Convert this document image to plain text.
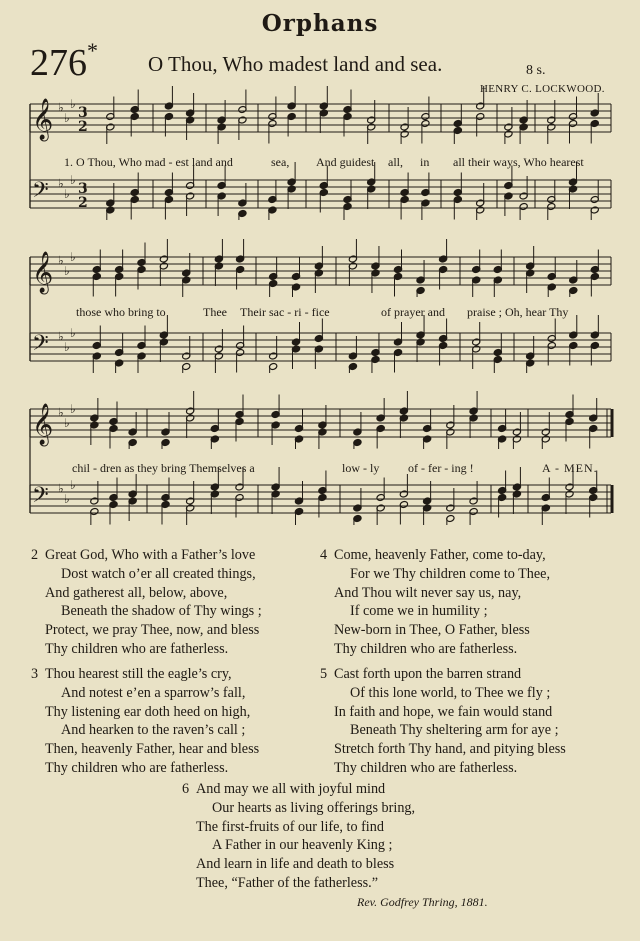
Orphans
276*
O Thou, Who madest land and sea.	8 s.
HENRY C. LOCKWOOD.
𝄞 ♭
♭
♭
3
2
𝄢 ♭
♭
♭
3
2
𝄞 ♭
♭
♭
𝄢 ♭
♭
♭
𝄞 ♭
♭
♭
𝄢 ♭
♭
♭
1. O Thou, Who mad - est land and	sea, And guidest all, in all their ways, Who hearest
those who bring to	Thee Their sac - ri - fice	of prayer and praise ; Oh, hear Thy
chil - dren as they bring Themselves a	low - ly of - fer - ing !	A - MEN.
2 Great God, Who with a Father’s love
Dost watch o’er all created things,
And gatherest all, below, above,
Beneath the shadow of Thy wings ;
Protect, we pray Thee, now, and bless
Thy children who are fatherless.
3 Thou hearest still the eagle’s cry,
And notest e’en a sparrow’s fall,
Thy listening ear doth heed on high,
And hearken to the raven’s call ;
Then, heavenly Father, hear and bless
Thy children who are fatherless.
4 Come, heavenly Father, come to-day,
For we Thy children come to Thee,
And Thou wilt never say us, nay,
If come we in humility ;
New-born in Thee, O Father, bless
Thy children who are fatherless.
5 Cast forth upon the barren strand
Of this lone world, to Thee we fly ;
In faith and hope, we fain would stand
Beneath Thy sheltering arm for aye ;
Stretch forth Thy hand, and pitying bless
Thy children who are fatherless.
6 And may we all with joyful mind
Our hearts as living offerings bring,
The first-fruits of our life, to find
A Father in our heavenly King ;
And learn in life and death to bless
Thee, “Father of the fatherless.”
Rev. Godfrey Thring, 1881.
